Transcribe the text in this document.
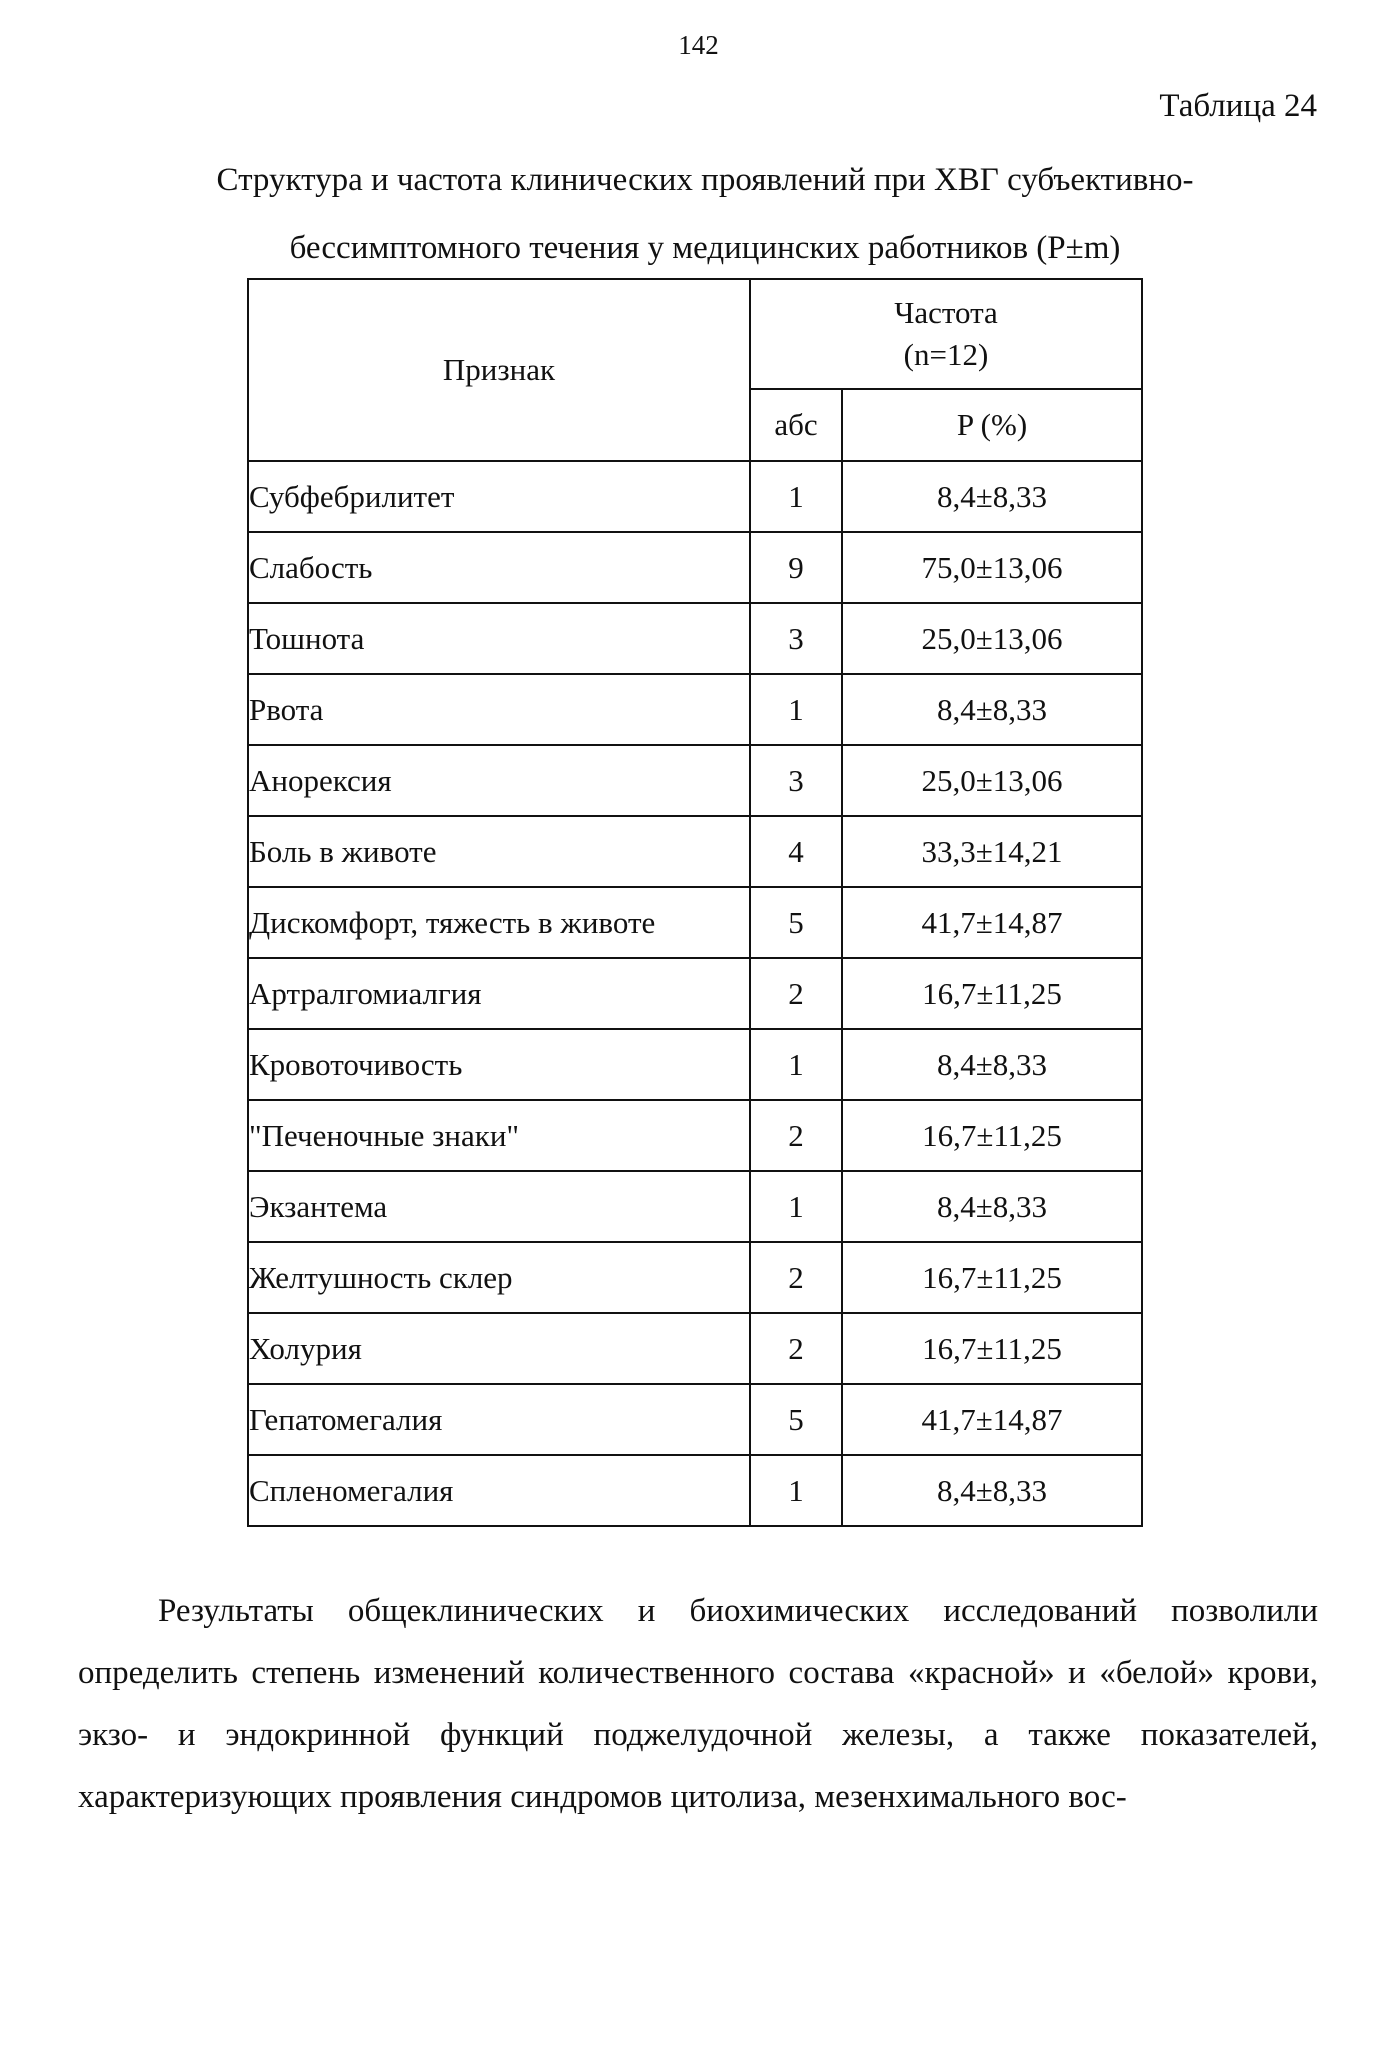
142
Таблица 24
Структура и частота клинических проявлений при ХВГ субъективно-
бессимптомного течения у медицинских работников (P±m)
Признак	Частота
(n=12)	

	абс	P (%)
Субфебрилитет	1	8,4±8,33
Слабость	9	75,0±13,06
Тошнота	3	25,0±13,06
Рвота	1	8,4±8,33
Анорексия	3	25,0±13,06
Боль в животе	4	33,3±14,21
Дискомфорт, тяжесть в животе	5	41,7±14,87
Артралгомиалгия	2	16,7±11,25
Кровоточивость	1	8,4±8,33
"Печеночные знаки"	2	16,7±11,25
Экзантема	1	8,4±8,33
Желтушность склер	2	16,7±11,25
Холурия	2	16,7±11,25
Гепатомегалия	5	41,7±14,87
Спленомегалия	1	8,4±8,33
Результаты общеклинических и биохимических исследований позволили определить степень изменений количественного состава «красной» и «белой» крови, экзо- и эндокринной функций поджелудочной железы, а также показателей, характеризующих проявления синдромов цитолиза, мезенхимального вос-
